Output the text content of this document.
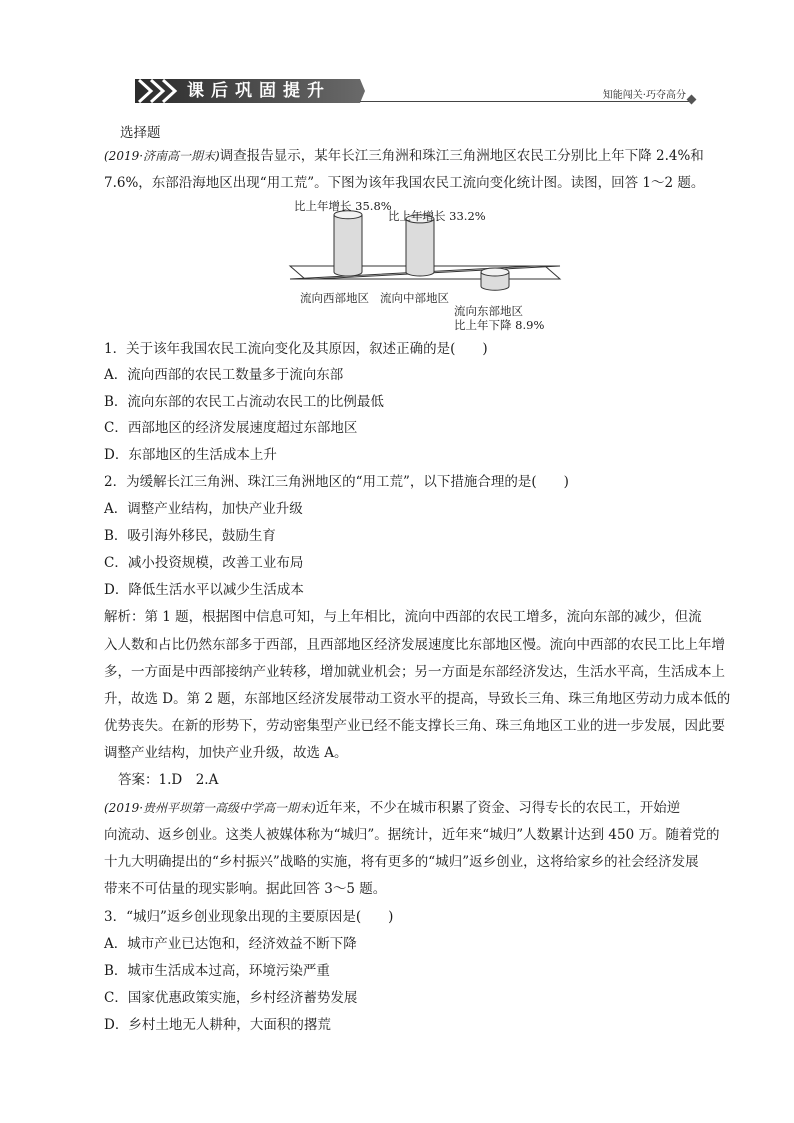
课后巩固提升	知能闯关·巧夺高分
选择题
(2019·济南高一期末)调查报告显示，某年长江三角洲和珠江三角洲地区农民工分别比上年下降 2.4%和
7.6%，东部沿海地区出现“用工荒”。下图为该年我国农民工流向变化统计图。读图，回答 1～2 题。
比上年增长 35.8%
比上年增长 33.2%
流向西部地区 流向中部地区
流向东部地区
比上年下降 8.9%
1．关于该年我国农民工流向变化及其原因，叙述正确的是(　　)
A．流向西部的农民工数量多于流向东部
B．流向东部的农民工占流动农民工的比例最低
C．西部地区的经济发展速度超过东部地区
D．东部地区的生活成本上升
2．为缓解长江三角洲、珠江三角洲地区的“用工荒”，以下措施合理的是(　　)
A．调整产业结构，加快产业升级
B．吸引海外移民，鼓励生育
C．减小投资规模，改善工业布局
D．降低生活水平以减少生活成本
解析：第 1 题，根据图中信息可知，与上年相比，流向中西部的农民工增多，流向东部的减少，但流
入人数和占比仍然东部多于西部，且西部地区经济发展速度比东部地区慢。流向中西部的农民工比上年增
多，一方面是中西部接纳产业转移，增加就业机会；另一方面是东部经济发达，生活水平高，生活成本上
升，故选 D。第 2 题，东部地区经济发展带动工资水平的提高，导致长三角、珠三角地区劳动力成本低的
优势丧失。在新的形势下，劳动密集型产业已经不能支撑长三角、珠三角地区工业的进一步发展，因此要
调整产业结构，加快产业升级，故选 A。
答案：1.D　2.A
(2019·贵州平坝第一高级中学高一期末)近年来，不少在城市积累了资金、习得专长的农民工，开始逆
向流动、返乡创业。这类人被媒体称为“城归”。据统计，近年来“城归”人数累计达到 450 万。随着党的
十九大明确提出的“乡村振兴”战略的实施，将有更多的“城归”返乡创业，这将给家乡的社会经济发展
带来不可估量的现实影响。据此回答 3～5 题。
3．“城归”返乡创业现象出现的主要原因是(　　)
A．城市产业已达饱和，经济效益不断下降
B．城市生活成本过高，环境污染严重
C．国家优惠政策实施，乡村经济蓄势发展
D．乡村土地无人耕种，大面积的撂荒
